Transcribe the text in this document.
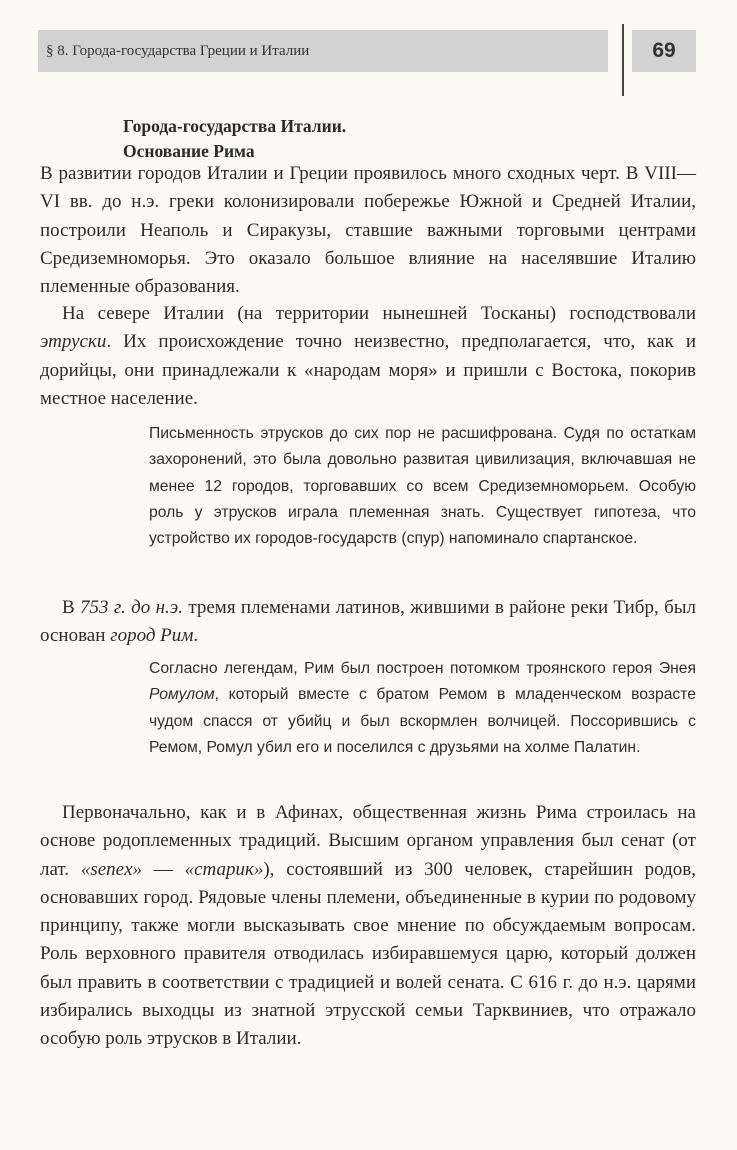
§ 8. Города-государства Греции и Италии	69
Города-государства Италии.
Основание Рима

В развитии городов Италии и Греции проявилось много сходных черт. В VIII—VI вв. до н.э. греки колонизировали побережье Южной и Средней Италии, построили Неаполь и Сиракузы, ставшие важными торговыми центрами Средиземноморья. Это оказало большое влияние на населявшие Италию племенные образования.

На севере Италии (на территории нынешней Тосканы) господствовали этруски. Их происхождение точно неизвестно, предполагается, что, как и дорийцы, они принадлежали к «народам моря» и пришли с Востока, покорив местное население.

Письменность этрусков до сих пор не расшифрована. Судя по остаткам захоронений, это была довольно развитая цивилизация, включавшая не менее 12 городов, торговавших со всем Средиземноморьем. Особую роль у этрусков играла племенная знать. Существует гипотеза, что устройство их городов-государств (спур) напоминало спартанское.

В 753 г. до н.э. тремя племенами латинов, жившими в районе реки Тибр, был основан город Рим.

Согласно легендам, Рим был построен потомком троянского героя Энея Ромулом, который вместе с братом Ремом в младенческом возрасте чудом спасся от убийц и был вскормлен волчицей. Поссорившись с Ремом, Ромул убил его и поселился с друзьями на холме Палатин.

Первоначально, как и в Афинах, общественная жизнь Рима строилась на основе родоплеменных традиций. Высшим органом управления был сенат (от лат. «senex» — «старик»), состоявший из 300 человек, старейшин родов, основавших город. Рядовые члены племени, объединенные в курии по родовому принципу, также могли высказывать свое мнение по обсуждаемым вопросам. Роль верховного правителя отводилась избиравшемуся царю, который должен был править в соответствии с традицией и волей сената. С 616 г. до н.э. царями избирались выходцы из знатной этрусской семьи Тарквиниев, что отражало особую роль этрусков в Италии.
